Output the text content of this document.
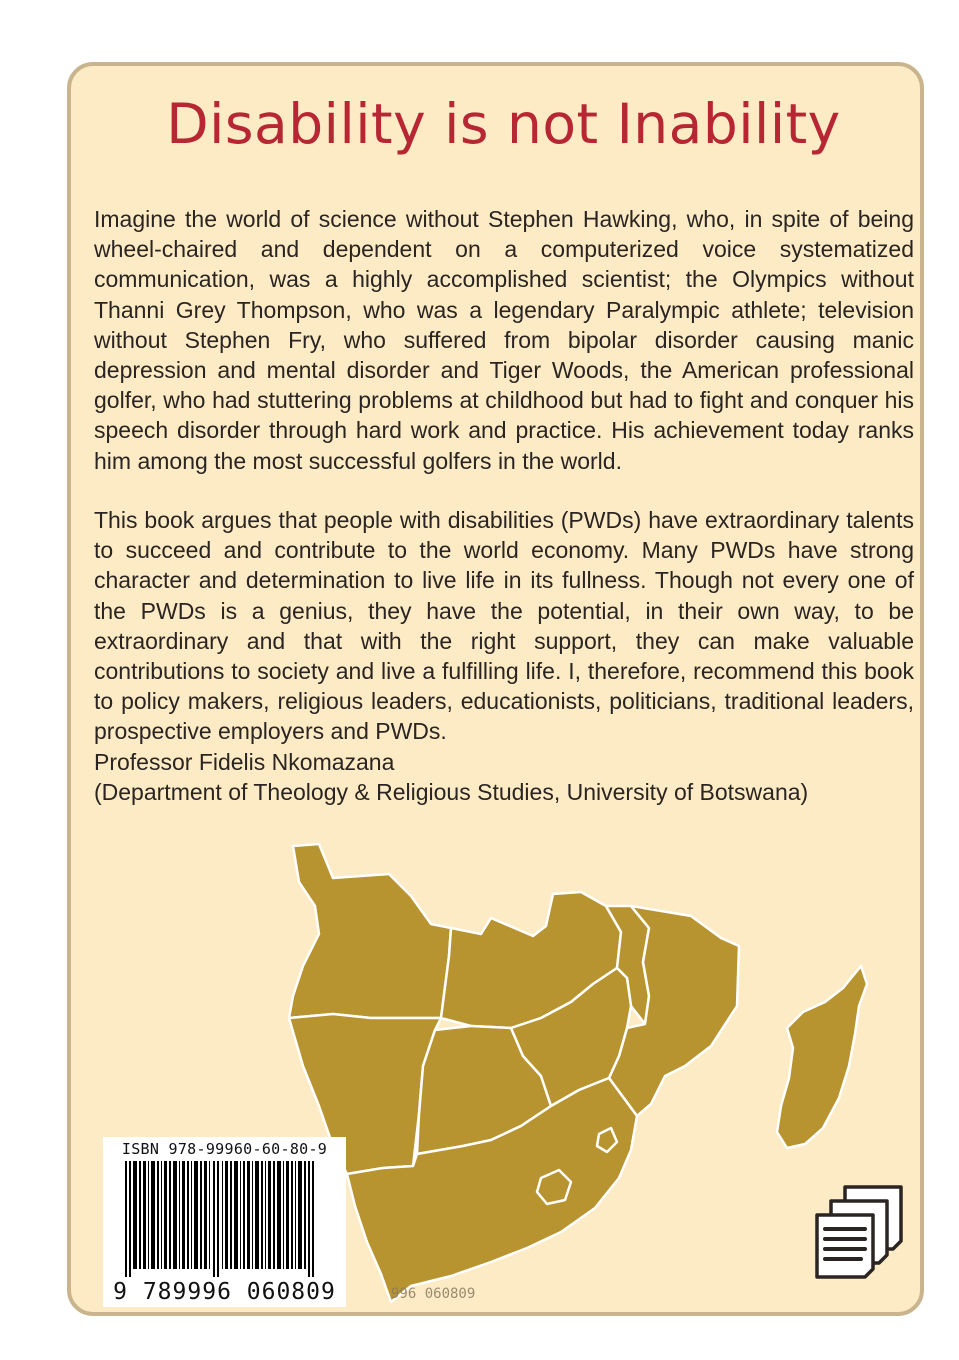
Disability is not Inability

Imagine the world of science without Stephen Hawking, who, in spite of being wheel-chaired and dependent on a computerized voice systematized communication, was a highly accomplished scientist; the Olympics without Thanni Grey Thompson, who was a legendary Paralympic athlete; television without Stephen Fry, who suffered from bipolar disorder causing manic depression and mental disorder and Tiger Woods, the American professional golfer, who had stuttering problems at childhood but had to fight and conquer his speech disorder through hard work and practice. His achievement today ranks him among the most successful golfers in the world.

This book argues that people with disabilities (PWDs) have extraordinary talents to succeed and contribute to the world economy. Many PWDs have strong character and determination to live life in its fullness. Though not every one of the PWDs is a genius, they have the potential, in their own way, to be extraordinary and that with the right support, they can make valuable contributions to society and live a fulfilling life. I, therefore, recommend this book to policy makers, religious leaders, educationists, politicians, traditional leaders, prospective employers and PWDs.

Professor Fidelis Nkomazana
(Department of Theology & Religious Studies, University of Botswana)
ISBN 978-99960-60-80-9
9 789996 060809	996 060809
